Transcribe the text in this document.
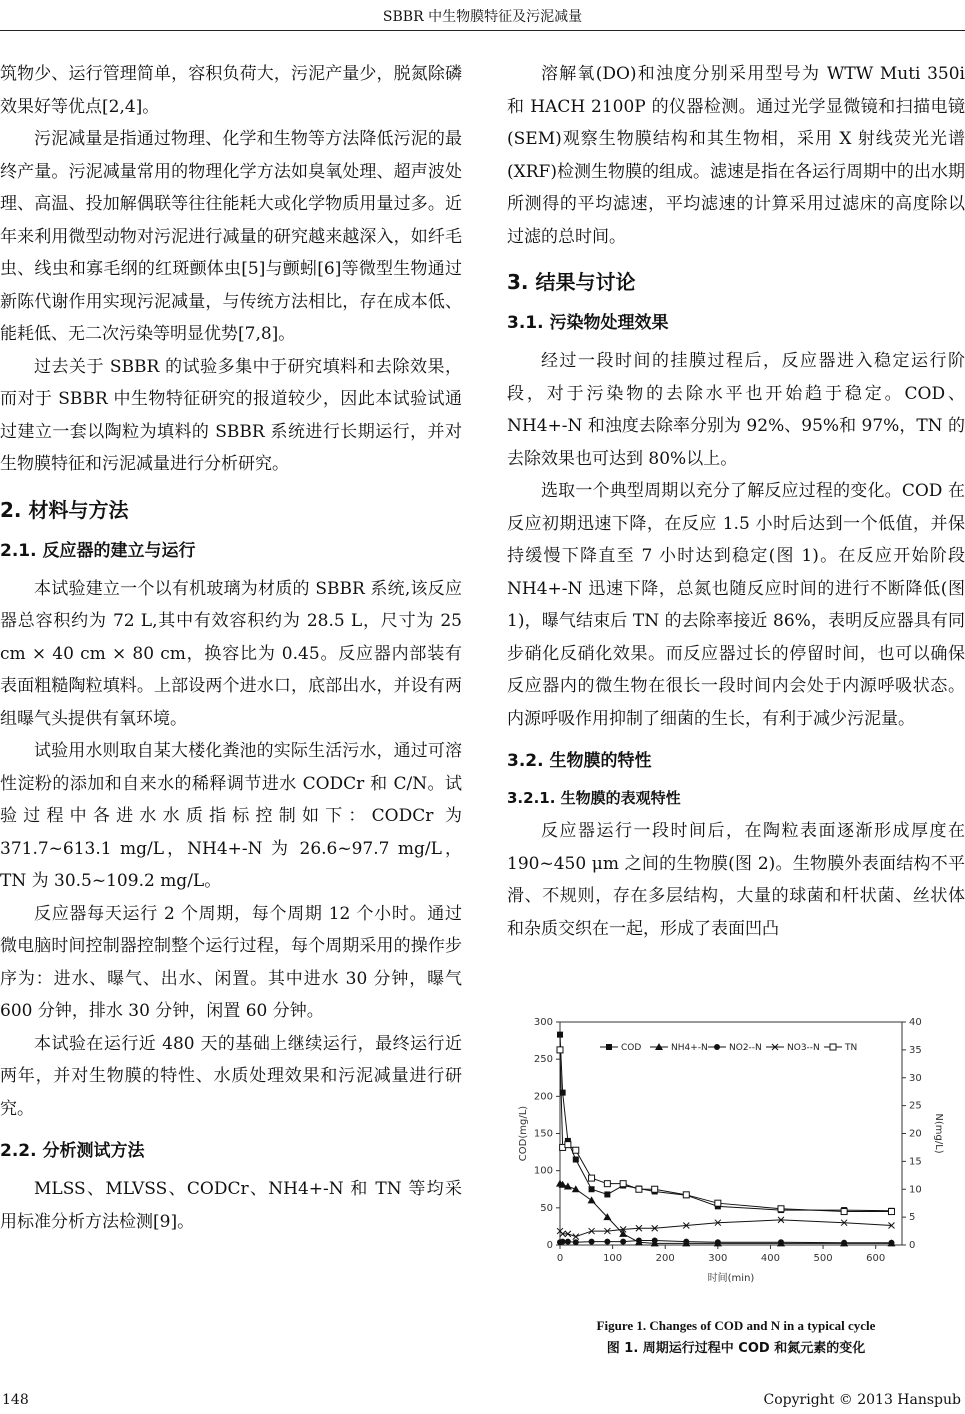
SBBR 中生物膜特征及污泥减量

筑物少、运行管理简单，容积负荷大，污泥产量少，脱氮除磷效果好等优点[2,4]。

污泥减量是指通过物理、化学和生物等方法降低污泥的最终产量。污泥减量常用的物理化学方法如臭氧处理、超声波处理、高温、投加解偶联等往往能耗大或化学物质用量过多。近年来利用微型动物对污泥进行减量的研究越来越深入，如纤毛虫、线虫和寡毛纲的红斑颤体虫[5]与颤蚓[6]等微型生物通过新陈代谢作用实现污泥减量，与传统方法相比，存在成本低、能耗低、无二次污染等明显优势[7,8]。

过去关于 SBBR 的试验多集中于研究填料和去除效果，而对于 SBBR 中生物特征研究的报道较少，因此本试验试通过建立一套以陶粒为填料的 SBBR 系统进行长期运行，并对生物膜特征和污泥减量进行分析研究。

2. 材料与方法
2.1. 反应器的建立与运行

本试验建立一个以有机玻璃为材质的 SBBR 系统,该反应器总容积约为 72 L,其中有效容积约为 28.5 L，尺寸为 25 cm × 40 cm × 80 cm，换容比为 0.45。反应器内部装有表面粗糙陶粒填料。上部设两个进水口，底部出水，并设有两组曝气头提供有氧环境。

试验用水则取自某大楼化粪池的实际生活污水，通过可溶性淀粉的添加和自来水的稀释调节进水 CODCr 和 C/N。试验过程中各进水水质指标控制如下：CODCr 为 371.7~613.1 mg/L，NH4+-N 为 26.6~97.7 mg/L，TN 为 30.5~109.2 mg/L。

反应器每天运行 2 个周期，每个周期 12 个小时。通过微电脑时间控制器控制整个运行过程，每个周期采用的操作步序为：进水、曝气、出水、闲置。其中进水 30 分钟，曝气 600 分钟，排水 30 分钟，闲置 60 分钟。

本试验在运行近 480 天的基础上继续运行，最终运行近两年，并对生物膜的特性、水质处理效果和污泥减量进行研究。

2.2. 分析测试方法

MLSS、MLVSS、CODCr、NH4+-N 和 TN 等均采用标准分析方法检测[9]。

溶解氧(DO)和浊度分别采用型号为 WTW Muti 350i 和 HACH 2100P 的仪器检测。通过光学显微镜和扫描电镜(SEM)观察生物膜结构和其生物相，采用 X 射线荧光光谱(XRF)检测生物膜的组成。滤速是指在各运行周期中的出水期所测得的平均滤速，平均滤速的计算采用过滤床的高度除以过滤的总时间。

3. 结果与讨论
3.1. 污染物处理效果

经过一段时间的挂膜过程后，反应器进入稳定运行阶段，对于污染物的去除水平也开始趋于稳定。COD、NH4+-N 和浊度去除率分别为 92%、95%和 97%，TN 的去除效果也可达到 80%以上。

选取一个典型周期以充分了解反应过程的变化。COD 在反应初期迅速下降，在反应 1.5 小时后达到一个低值，并保持缓慢下降直至 7 小时达到稳定(图 1)。在反应开始阶段 NH4+-N 迅速下降，总氮也随反应时间的进行不断降低(图 1)，曝气结束后 TN 的去除率接近 86%，表明反应器具有同步硝化反硝化效果。而反应器过长的停留时间，也可以确保反应器内的微生物在很长一段时间内会处于内源呼吸状态。内源呼吸作用抑制了细菌的生长，有利于减少污泥量。

3.2. 生物膜的特性
3.2.1. 生物膜的表观特性

反应器运行一段时间后，在陶粒表面逐渐形成厚度在 190~450 μm 之间的生物膜(图 2)。生物膜外表面结构不平滑、不规则，存在多层结构，大量的球菌和杆状菌、丝状体和杂质交织在一起，形成了表面凹凸

0	100	200	300	400	500	600
0
50
100
150
200
250
300
0
5
10
15
20
25
30
35
40
时间(min)
COD(mg/L)	N(mg/L)
COD	NH4+-N NO2--N	NO3--N	TN
Figure 1. Changes of COD and N in a typical cycle
图 1. 周期运行过程中 COD 和氮元素的变化
148	Copyright © 2013 Hanspub
